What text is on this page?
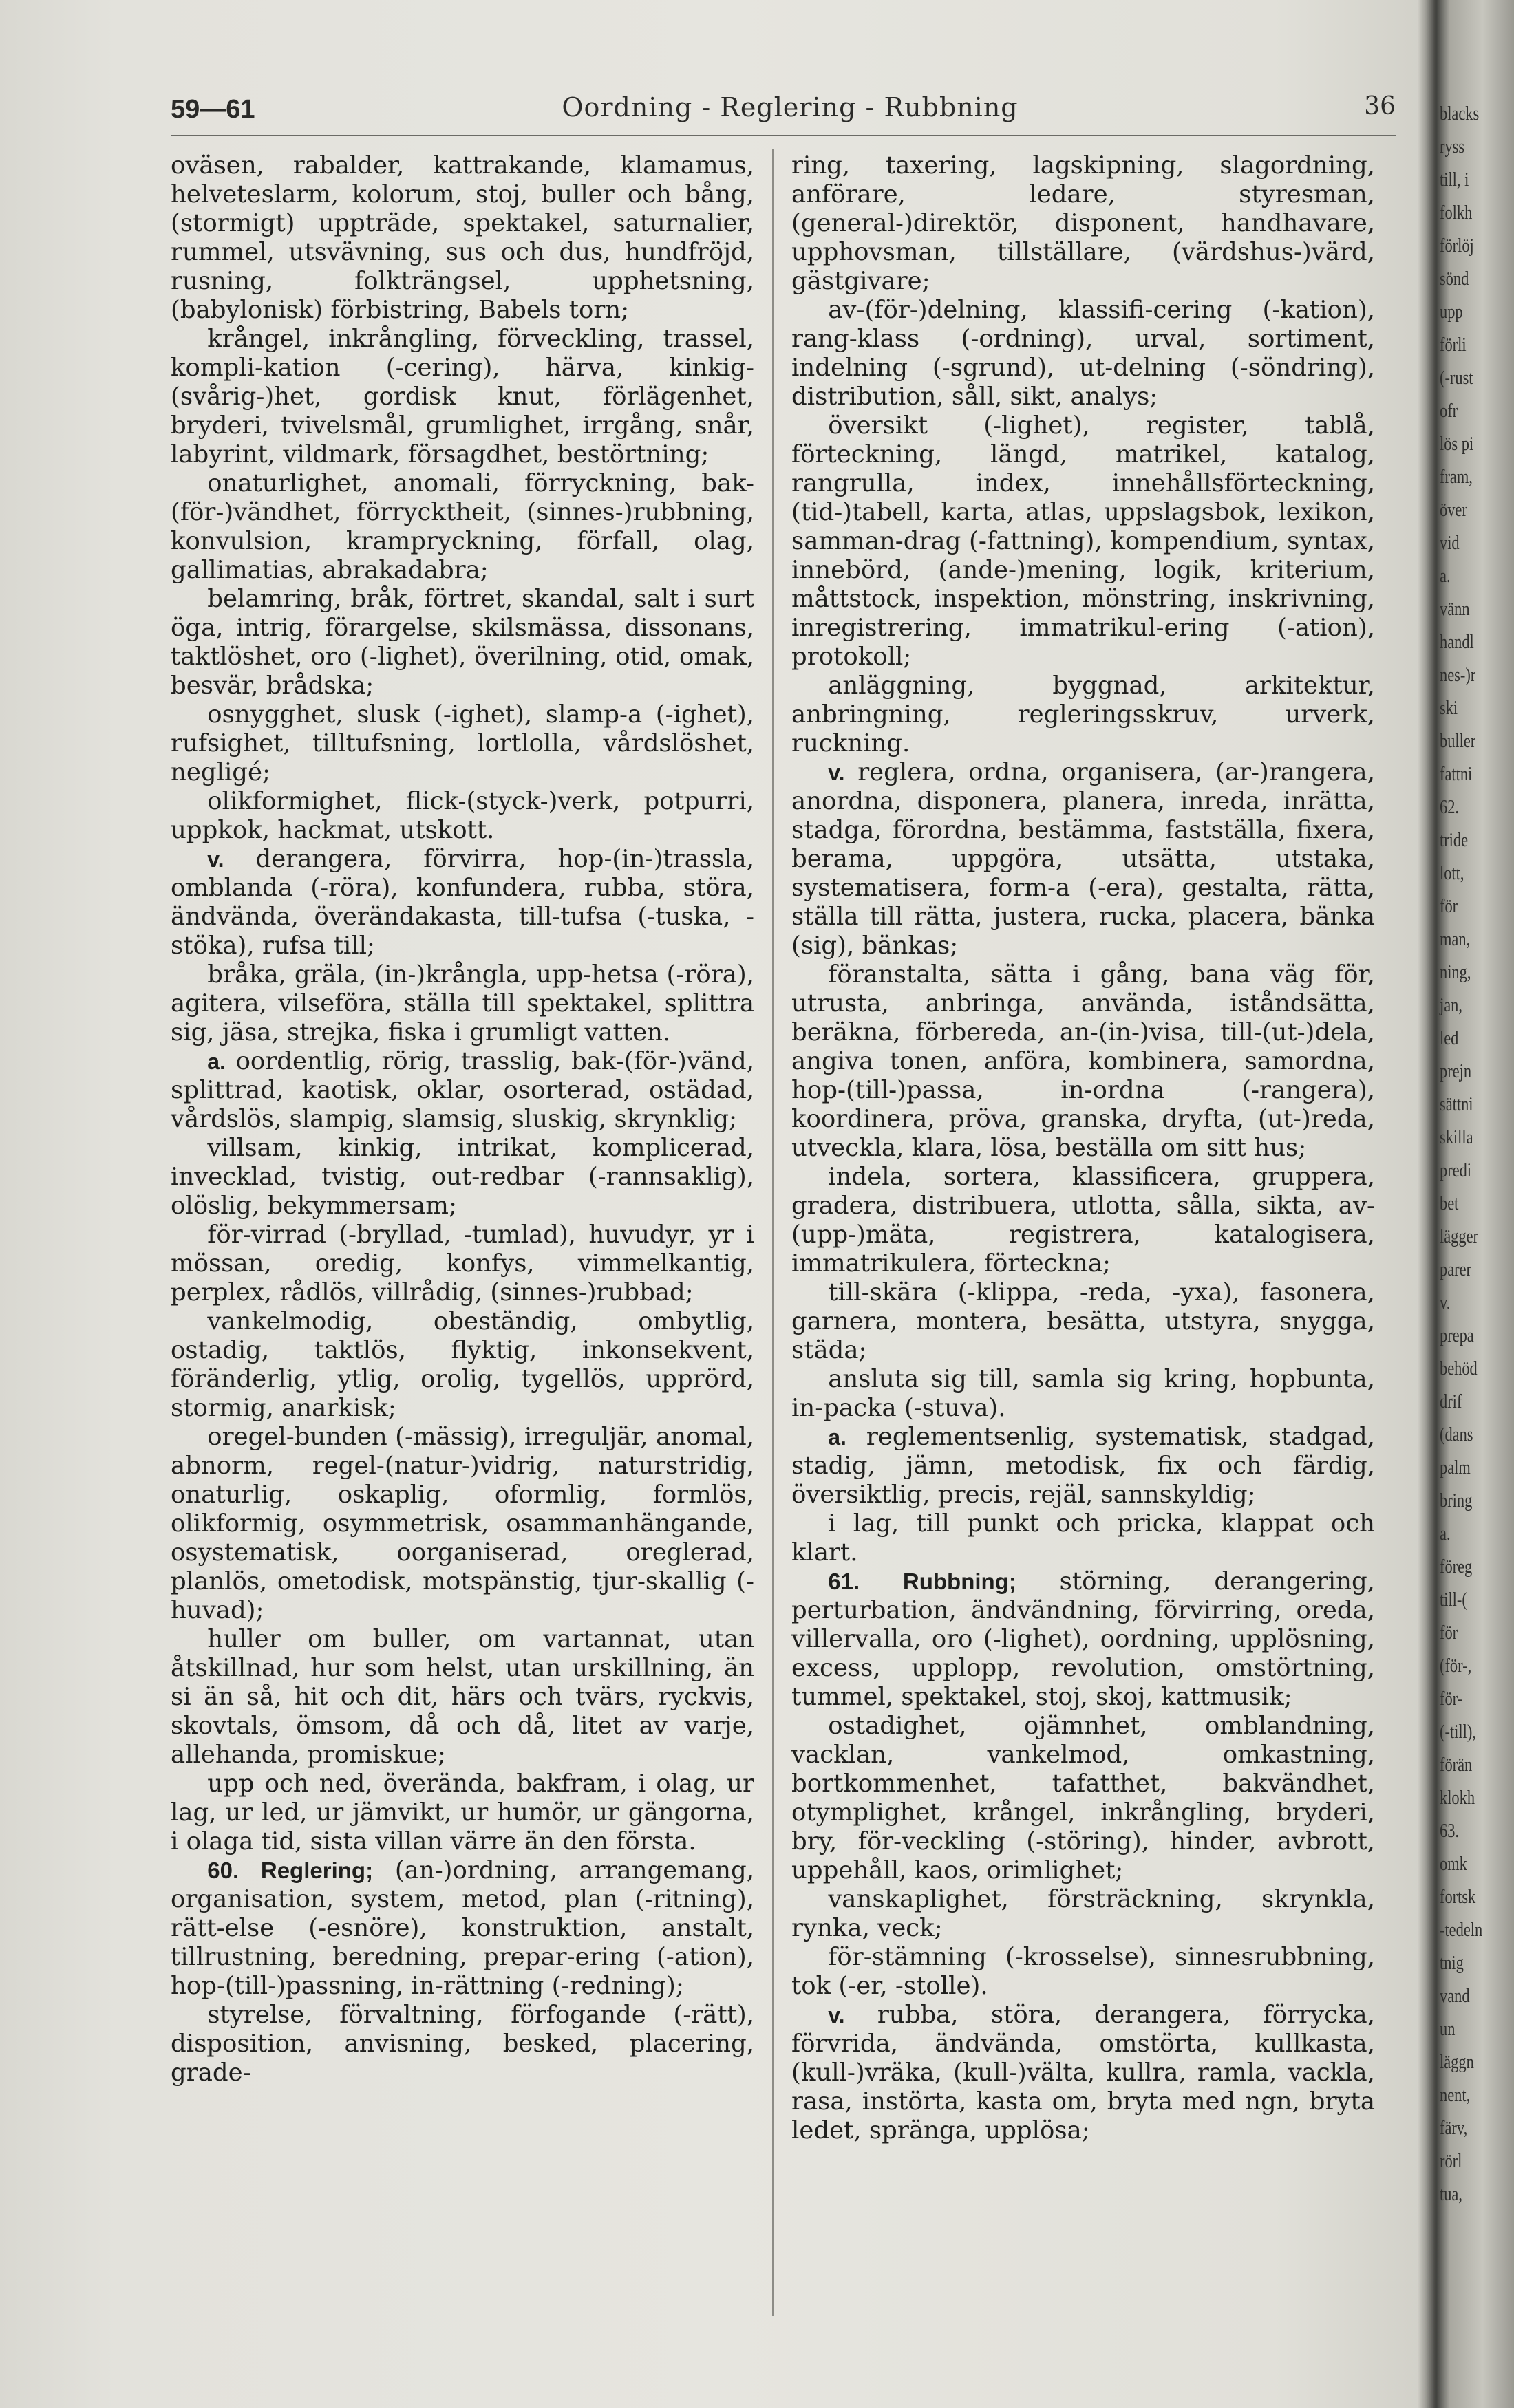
59—61	Oordning - Reglering - Rubbning	36

oväsen, rabalder, kattrakande, klamamus, helveteslarm, kolorum, stoj, buller och bång, (stormigt) uppträde, spektakel, saturnalier, rummel, utsvävning, sus och dus, hundfröjd, rusning, folkträngsel, upphetsning, (babylonisk) förbistring, Babels torn;

krångel, inkrångling, förveckling, trassel, kompli-kation (-cering), härva, kinkig-(svårig-)het, gordisk knut, förlägenhet, bryderi, tvivelsmål, grumlighet, irrgång, snår, labyrint, vildmark, försagdhet, bestörtning;

onaturlighet, anomali, förryckning, bak-(för-)vändhet, förrycktheit, (sinnes-)rubbning, konvulsion, krampryckning, förfall, olag, gallimatias, abrakadabra;

belamring, bråk, förtret, skandal, salt i surt öga, intrig, förargelse, skilsmässa, dissonans, taktlöshet, oro (-lighet), överilning, otid, omak, besvär, brådska;

osnygghet, slusk (-ighet), slamp-a (-ighet), rufsighet, tilltufsning, lortlolla, vårdslöshet, negligé;

olikformighet, flick-(styck-)verk, potpurri, uppkok, hackmat, utskott.

v. derangera, förvirra, hop-(in-)trassla, omblanda (-röra), konfundera, rubba, störa, ändvända, överändakasta, till-tufsa (-tuska, -stöka), rufsa till;

bråka, gräla, (in-)krångla, upp-hetsa (-röra), agitera, vilseföra, ställa till spektakel, splittra sig, jäsa, strejka, fiska i grumligt vatten.

a. oordentlig, rörig, trasslig, bak-(för-)vänd, splittrad, kaotisk, oklar, osorterad, ostädad, vårdslös, slampig, slamsig, sluskig, skrynklig;

villsam, kinkig, intrikat, komplicerad, invecklad, tvistig, out-redbar (-rannsaklig), olöslig, bekymmersam;

för-virrad (-bryllad, -tumlad), huvudyr, yr i mössan, oredig, konfys, vimmelkantig, perplex, rådlös, villrådig, (sinnes-)rubbad;

vankelmodig, obeständig, ombytlig, ostadig, taktlös, flyktig, inkonsekvent, föränderlig, ytlig, orolig, tygellös, upprörd, stormig, anarkisk;

oregel-bunden (-mässig), irreguljär, anomal, abnorm, regel-(natur-)vidrig, naturstridig, onaturlig, oskaplig, oformlig, formlös, olikformig, osymmetrisk, osammanhängande, osystematisk, oorganiserad, oreglerad, planlös, ometodisk, motspänstig, tjur-skallig (-huvad);

huller om buller, om vartannat, utan åtskillnad, hur som helst, utan urskillning, än si än så, hit och dit, härs och tvärs, ryckvis, skovtals, ömsom, då och då, litet av varje, allehanda, promiskue;

upp och ned, överända, bakfram, i olag, ur lag, ur led, ur jämvikt, ur humör, ur gängorna, i olaga tid, sista villan värre än den första.

60. Reglering; (an-)ordning, arrangemang, organisation, system, metod, plan (-ritning), rätt-else (-esnöre), konstruktion, anstalt, tillrustning, beredning, prepar-ering (-ation), hop-(till-)passning, in-rättning (-redning);

styrelse, förvaltning, förfogande (-rätt), disposition, anvisning, besked, placering, grade-

ring, taxering, lagskipning, slagordning, anförare, ledare, styresman, (general-)direktör, disponent, handhavare, upphovsman, tillställare, (värdshus-)värd, gästgivare;

av-(för-)delning, klassifi-cering (-kation), rang-klass (-ordning), urval, sortiment, indelning (-sgrund), ut-delning (-söndring), distribution, såll, sikt, analys;

översikt (-lighet), register, tablå, förteckning, längd, matrikel, katalog, rangrulla, index, innehållsförteckning, (tid-)tabell, karta, atlas, uppslagsbok, lexikon, samman-drag (-fattning), kompendium, syntax, innebörd, (ande-)mening, logik, kriterium, måttstock, inspektion, mönstring, inskrivning, inregistrering, immatrikul-ering (-ation), protokoll;

anläggning, byggnad, arkitektur, anbringning, regleringsskruv, urverk, ruckning.

v. reglera, ordna, organisera, (ar-)rangera, anordna, disponera, planera, inreda, inrätta, stadga, förordna, bestämma, fastställa, fixera, berama, uppgöra, utsätta, utstaka, systematisera, form-a (-era), gestalta, rätta, ställa till rätta, justera, rucka, placera, bänka (sig), bänkas;

föranstalta, sätta i gång, bana väg för, utrusta, anbringa, använda, iståndsätta, beräkna, förbereda, an-(in-)visa, till-(ut-)dela, angiva tonen, anföra, kombinera, samordna, hop-(till-)passa, in-ordna (-rangera), koordinera, pröva, granska, dryfta, (ut-)reda, utveckla, klara, lösa, beställa om sitt hus;

indela, sortera, klassificera, gruppera, gradera, distribuera, utlotta, sålla, sikta, av-(upp-)mäta, registrera, katalogisera, immatrikulera, förteckna;

till-skära (-klippa, -reda, -yxa), fasonera, garnera, montera, besätta, utstyra, snygga, städa;

ansluta sig till, samla sig kring, hopbunta, in-packa (-stuva).

a. reglementsenlig, systematisk, stadgad, stadig, jämn, metodisk, fix och färdig, översiktlig, precis, rejäl, sannskyldig;

i lag, till punkt och pricka, klappat och klart.

61. Rubbning; störning, derangering, perturbation, ändvändning, förvirring, oreda, villervalla, oro (-lighet), oordning, upplösning, excess, upplopp, revolution, omstörtning, tummel, spektakel, stoj, skoj, kattmusik;

ostadighet, ojämnhet, omblandning, vacklan, vankelmod, omkastning, bortkommenhet, tafatthet, bakvändhet, otymplighet, krångel, inkrångling, bryderi, bry, för-veckling (-störing), hinder, avbrott, uppehåll, kaos, orimlighet;

vanskaplighet, försträckning, skrynkla, rynka, veck;

för-stämning (-krosselse), sinnesrubbning, tok (-er, -stolle).

v. rubba, störa, derangera, förrycka, förvrida, ändvända, omstörta, kullkasta, (kull-)vräka, (kull-)välta, kullra, ramla, vackla, rasa, instörta, kasta om, bryta med ngn, bryta ledet, spränga, upplösa;

blacks
ryss
till, i
folkh
förlöj
sönd
upp
förli
(-rust
ofr
lös pi
fram,
över
vid
a.
vänn
handl
nes-)r
ski
buller
fattni
62.
tride
lott,
för
man,
ning,
jan,
led
prejn
sättni
skilla
predi
bet
lägger
parer
v.
prepa
behöd
drif
(dans
palm
bring
a.
föreg
till-(
för
(för-,
för-
(-till),
förän
klokh
63.
omk
fortsk
-tedeln
tnig
vand
un
läggn
nent,
färv,
rörl
tua,
